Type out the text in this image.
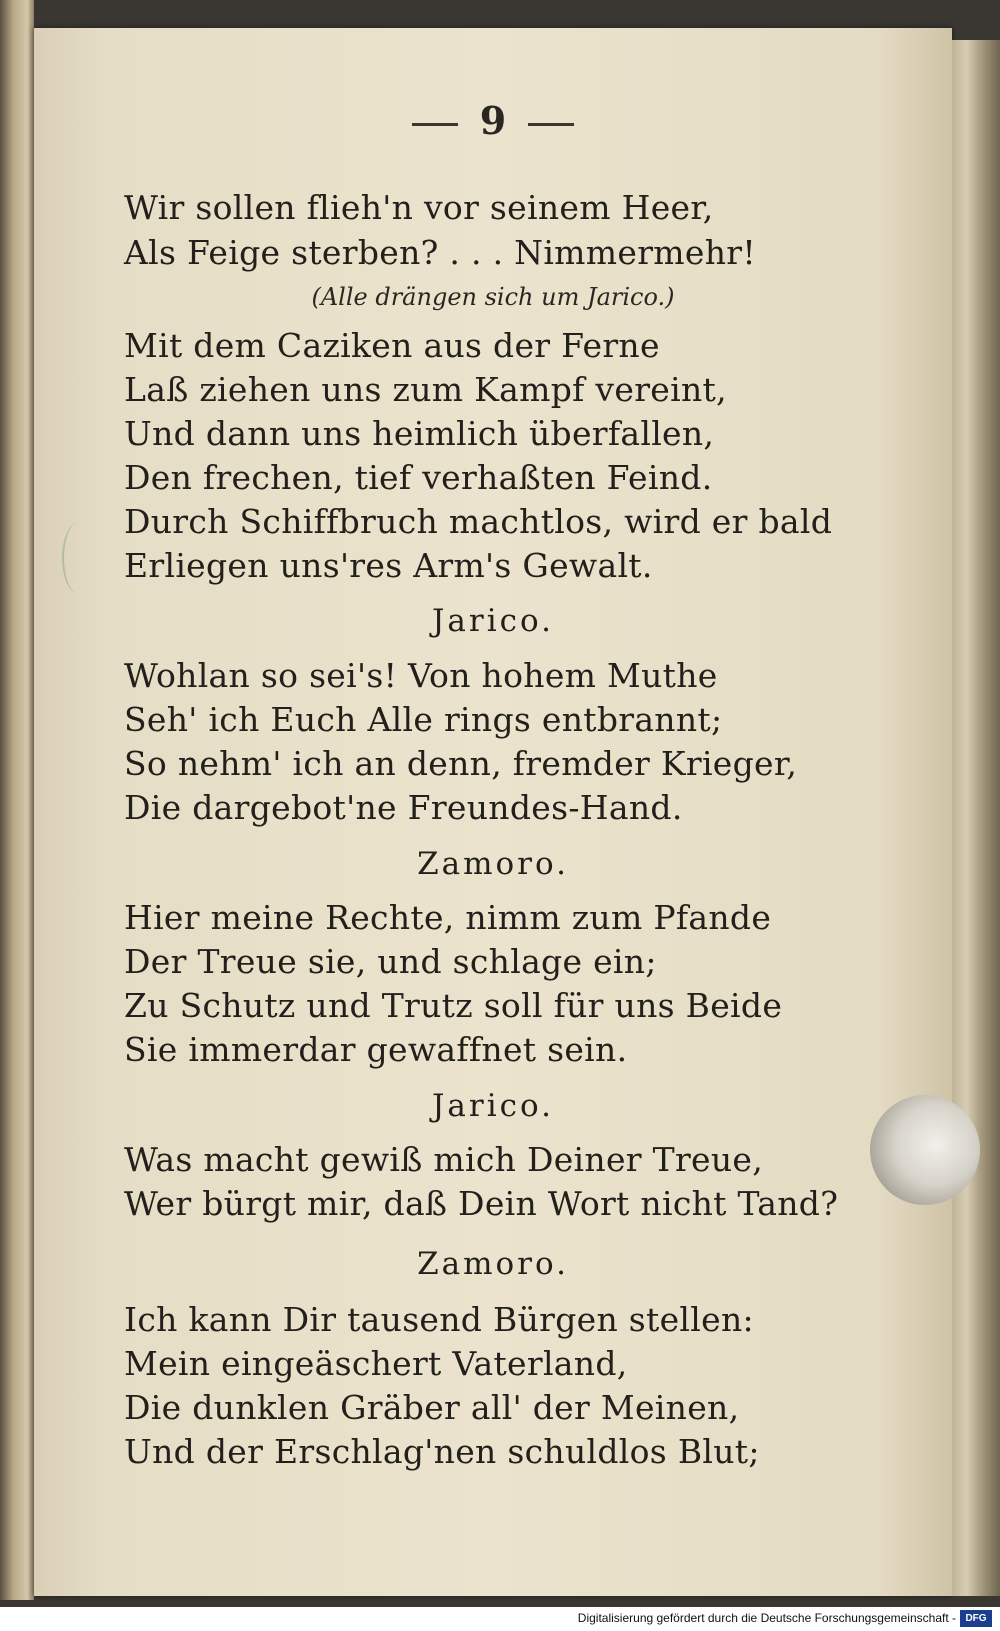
9
Wir sollen flieh'n vor seinem Heer,
Als Feige sterben? . . . Nimmermehr!
(Alle drängen sich um Jarico.)
Mit dem Caziken aus der Ferne
Laß ziehen uns zum Kampf vereint,
Und dann uns heimlich überfallen,
Den frechen, tief verhaßten Feind.
Durch Schiffbruch machtlos, wird er bald
Erliegen uns'res Arm's Gewalt.
Jarico.
Wohlan so sei's! Von hohem Muthe
Seh' ich Euch Alle rings entbrannt;
So nehm' ich an denn, fremder Krieger,
Die dargebot'ne Freundes-Hand.
Zamoro.
Hier meine Rechte, nimm zum Pfande
Der Treue sie, und schlage ein;
Zu Schutz und Trutz soll für uns Beide
Sie immerdar gewaffnet sein.
Jarico.
Was macht gewiß mich Deiner Treue,
Wer bürgt mir, daß Dein Wort nicht Tand?
Zamoro.
Ich kann Dir tausend Bürgen stellen:
Mein eingeäschert Vaterland,
Die dunklen Gräber all' der Meinen,
Und der Erschlag'nen schuldlos Blut;
Digitalisierung gefördert durch die Deutsche Forschungsgemeinschaft - DFG
